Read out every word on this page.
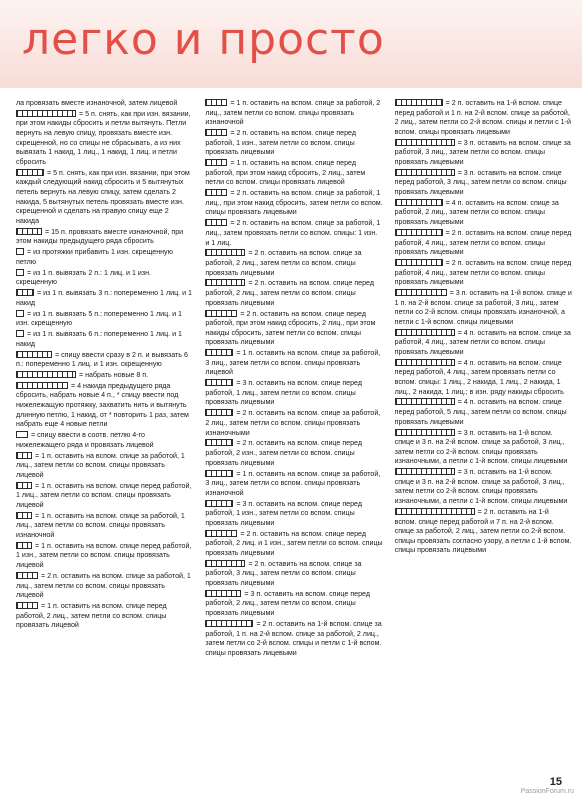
легко и просто

ла провязать вместе изнаночной, затем лицевой

= 5 п. снять, как при изн. вязании, при этом накиды сбросить и петли вытянуть. Петли вернуть на левую спицу, провязать вместе изн. скрещенной, но со спицы не сбрасывать, а из них вывязать 1 накид, 1 лиц., 1 накид, 1 лиц. и петли сбросить

= 5 п. снять, как при изн. вязании, при этом каждый следующий накид сбросить и 5 вытянутых петель вернуть на левую спицу, затем сделать 2 накида, 5 вытянутых петель провязать вместе изн. скрещенной и сделать на правую спицу еще 2 накида

= 15 п. провязать вместе изнаночной, при этом накиды предыдущего ряда сбросить

= из протяжки прибавить 1 изн. скрещенную петлю

= из 1 п. вывязать 2 п.: 1 лиц. и 1 изн. скрещенную

= из 1 п. вывязать 3 п.: попеременно 1 лиц. и 1 накид

= из 1 п. вывязать 5 п.: попеременно 1 лиц. и 1 изн. скрещенную

= из 1 п. вывязать 6 п.: попеременно 1 лиц. и 1 накид

= спицу ввести сразу в 2 п. и вывязать 6 п.: попеременно 1 лиц. и 1 изн. скрещенную

= набрать новые 8 п.

= 4 накида предыдущего ряда сбросить, набрать новые 4 п., * спицу ввести под нижележащую протяжку, захватить нить и вытянуть длинную петлю, 1 накид, от * повторить 1 раз, затем набрать еще 4 новые петли

= спицу ввести в соотв. петлю 4-го нижележащего ряда и провязать лицевой

= 1 п. оставить на вспом. спице за работой, 1 лиц., затем петли со вспом. спицы провязать лицевой

= 1 п. оставить на вспом. спице перед работой, 1 лиц., затем петли со вспом. спицы провязать лицевой

= 1 п. оставить на вспом. спице за работой, 1 лиц., затем петли со вспом. спицы провязать изнаночной

= 1 п. оставить на вспом. спице перед работой, 1 изн., затем петли со вспом. спицы провязать лицевой

= 2 п. оставить на вспом. спице за работой, 1 лиц., затем петли со вспом. спицы провязать лицевой

= 1 п. оставить на вспом. спице перед работой, 2 лиц., затем петли со вспом. спицы провязать лицевой

= 1 п. оставить на вспом. спице за работой, 2 лиц., затем петли со вспом. спицы провязать изнаночной

= 2 п. оставить на вспом. спице перед работой, 1 изн., затем петли со вспом. спицы провязать лицевыми

= 1 п. оставить на вспом. спице перед работой, при этом накид сбросить, 2 лиц., затем петли со вспом. спицы провязать лицевой

= 2 п. оставить на вспом. спице за работой, 1 лиц., при этом накид сбросить, затем петли со вспом. спицы провязать лицевыми

= 2 п. оставить на вспом. спице за работой, 1 лиц., затем провязать петли со вспом. спицы: 1 изн. и 1 лиц.

= 2 п. оставить на вспом. спице за работой, 2 лиц., затем петли со вспом. спицы провязать лицевыми

= 2 п. оставить на вспом. спице перед работой, 2 лиц., затем петли со вспом. спицы провязать лицевыми

= 2 п. оставить на вспом. спице перед работой, при этом накид сбросить, 2 лиц., при этом накиды сбросить, затем петли со вспом. спицы провязать лицевыми

= 1 п. оставить на вспом. спице за работой, 3 лиц., затем петли со вспом. спицы провязать лицевой

= 3 п. оставить на вспом. спице перед работой, 1 лиц., затем петли со вспом. спицы провязать лицевыми

= 2 п. оставить на вспом. спице за работой, 2 лиц., затем петли со вспом. спицы провязать изнаночными

= 2 п. оставить на вспом. спице перед работой, 2 изн., затем петли со вспом. спицы провязать лицевыми

= 1 п. оставить на вспом. спице за работой, 3 лиц., затем петли со вспом. спицы провязать изнаночной

= 3 п. оставить на вспом. спице перед работой, 1 изн., затем петли со вспом. спицы провязать лицевыми

= 2 п. оставить на вспом. спице перед работой, 2 лиц. и 1 изн., затем петли со вспом. спицы провязать лицевыми

= 2 п. оставить на вспом. спице за работой, 3 лиц., затем петли со вспом. спицы провязать лицевыми

= 3 п. оставить на вспом. спице перед работой, 2 лиц., затем петли со вспом. спицы провязать лицевыми

= 2 п. оставить на 1-й вспом. спице за работой, 1 п. на 2-й вспом. спице за работой, 2 лиц., затем петли со 2-й вспом. спицы и петли с 1-й вспом. спицы провязать лицевыми

= 2 п. оставить на 1-й вспом. спице перед работой и 1 п. на 2-й вспом. спице за работой, 2 лиц., затем петли со 2-й вспом. спицы и петли с 1-й вспом. спицы провязать лицевыми

= 3 п. оставить на вспом. спице за работой, 3 лиц., затем петли со вспом. спицы провязать лицевыми

= 3 п. оставить на вспом. спице перед работой, 3 лиц., затем петли со вспом. спицы провязать лицевыми

= 4 п. оставить на вспом. спице за работой, 2 лиц., затем петли со вспом. спицы провязать лицевыми

= 2 п. оставить на вспом. спице перед работой, 4 лиц., затем петли со вспом. спицы провязать лицевыми

= 2 п. оставить на вспом. спице перед работой, 4 лиц., затем петли со вспом. спицы провязать лицевыми

= 3 п. оставить на 1-й вспом. спице и 1 п. на 2-й вспом. спице за работой, 3 лиц., затем петли со 2-й вспом. спицы провязать изнаночной, а петли с 1-й вспом. спицы лицевыми

= 4 п. оставить на вспом. спице за работой, 4 лиц., затем петли со вспом. спицы провязать лицевыми

= 4 п. оставить на вспом. спице перед работой, 4 лиц., затем провязать петли со вспом. спицы: 1 лиц., 2 накида, 1 лиц., 2 накида, 1 лиц., 2 накида, 1 лиц.; в изн. ряду накиды сбросить

= 4 п. оставить на вспом. спице перед работой, 5 лиц., затем петли со вспом. спицы провязать лицевыми

= 3 п. оставить на 1-й вспом. спице и 3 п. на 2-й вспом. спице за работой, 3 лиц., затем петли со 2-й вспом. спицы провязать изнаночными, а петли с 1-й вспом. спицы лицевыми

= 3 п. оставить на 1-й вспом. спице и 3 п. на 2-й вспом. спице за работой, 3 лиц., затем петли со 2-й вспом. спицы провязать изнаночными, а петли с 1-й вспом. спицы лицевыми

= 2 п. оставить на 1-й вспом. спице перед работой и 7 п. на 2-й вспом. спице за работой, 2 лиц., затем петли со 2-й вспом. спицы провязать согласно узору, а петли с 1-й вспом. спицы провязать лицевыми

15
PassionForum.ru
